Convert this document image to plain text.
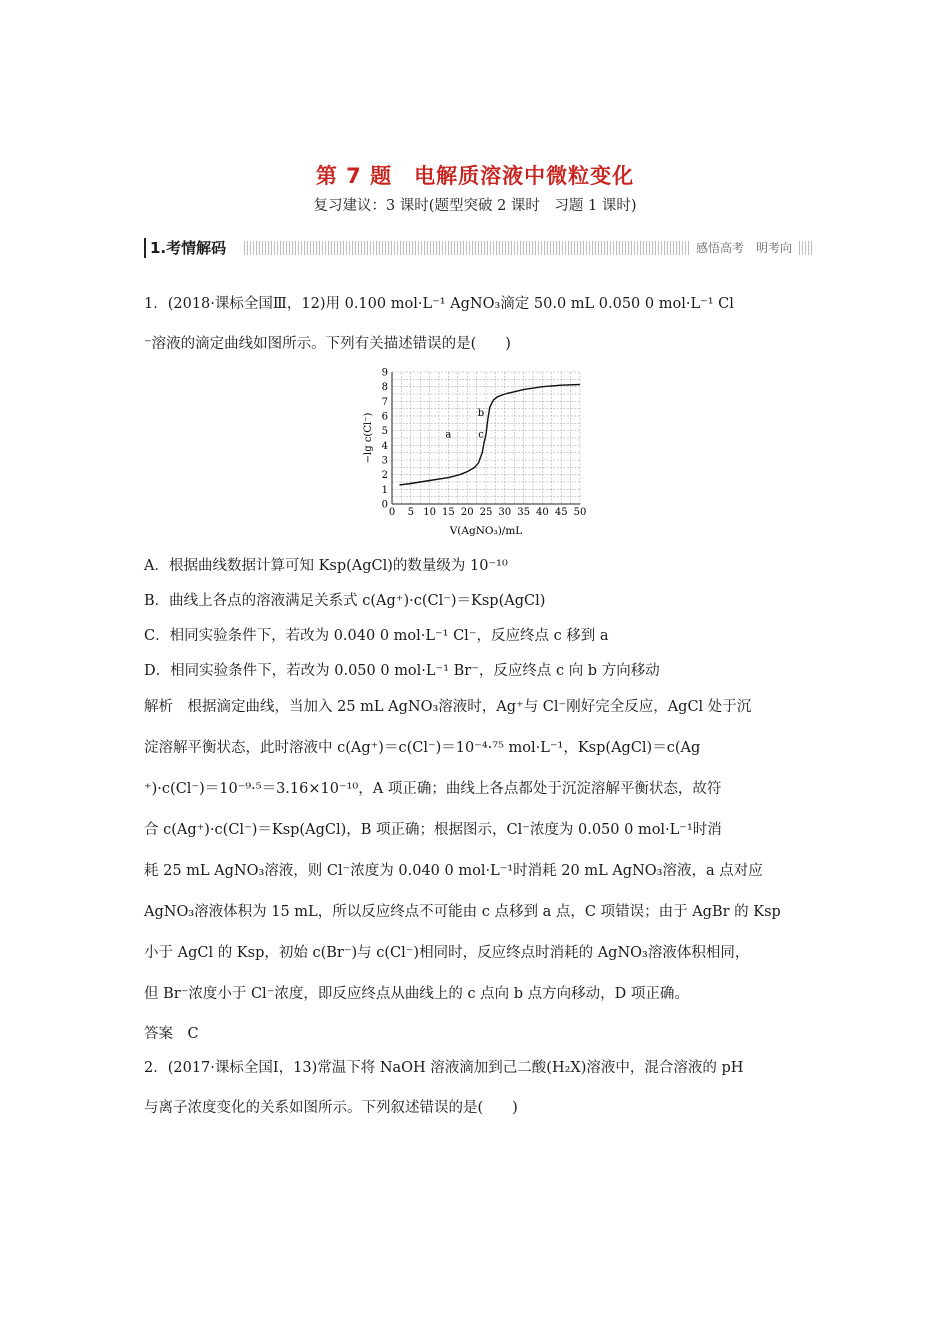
第 7 题 电解质溶液中微粒变化
复习建议：3 课时(题型突破 2 课时　习题 1 课时)
1.考情解码	感悟高考　明考向
1．(2018·课标全国Ⅲ，12)用 0.100 mol·L⁻¹ AgNO₃滴定 50.0 mL 0.050 0 mol·L⁻¹ Cl
⁻溶液的滴定曲线如图所示。下列有关描述错误的是(　　)
0 5 10 15 20 25 30 35 40 45 50
0
1
2
3
4
5
6
7
8
9
a
b
c
−lg c(Cl⁻)
V(AgNO₃)/mL
A．根据曲线数据计算可知 Ksp(AgCl)的数量级为 10⁻¹⁰
B．曲线上各点的溶液满足关系式 c(Ag⁺)·c(Cl⁻)＝Ksp(AgCl)
C．相同实验条件下，若改为 0.040 0 mol·L⁻¹ Cl⁻，反应终点 c 移到 a
D．相同实验条件下，若改为 0.050 0 mol·L⁻¹ Br⁻，反应终点 c 向 b 方向移动
解析　根据滴定曲线，当加入 25 mL AgNO₃溶液时，Ag⁺与 Cl⁻刚好完全反应，AgCl 处于沉
淀溶解平衡状态，此时溶液中 c(Ag⁺)＝c(Cl⁻)＝10⁻⁴·⁷⁵ mol·L⁻¹，Ksp(AgCl)＝c(Ag
⁺)·c(Cl⁻)＝10⁻⁹·⁵＝3.16×10⁻¹⁰，A 项正确；曲线上各点都处于沉淀溶解平衡状态，故符
合 c(Ag⁺)·c(Cl⁻)＝Ksp(AgCl)，B 项正确；根据图示，Cl⁻浓度为 0.050 0 mol·L⁻¹时消
耗 25 mL AgNO₃溶液，则 Cl⁻浓度为 0.040 0 mol·L⁻¹时消耗 20 mL AgNO₃溶液，a 点对应
AgNO₃溶液体积为 15 mL，所以反应终点不可能由 c 点移到 a 点，C 项错误；由于 AgBr 的 Ksp
小于 AgCl 的 Ksp，初始 c(Br⁻)与 c(Cl⁻)相同时，反应终点时消耗的 AgNO₃溶液体积相同，
但 Br⁻浓度小于 Cl⁻浓度，即反应终点从曲线上的 c 点向 b 点方向移动，D 项正确。
答案　C
2．(2017·课标全国Ⅰ，13)常温下将 NaOH 溶液滴加到己二酸(H₂X)溶液中，混合溶液的 pH
与离子浓度变化的关系如图所示。下列叙述错误的是(　　)
